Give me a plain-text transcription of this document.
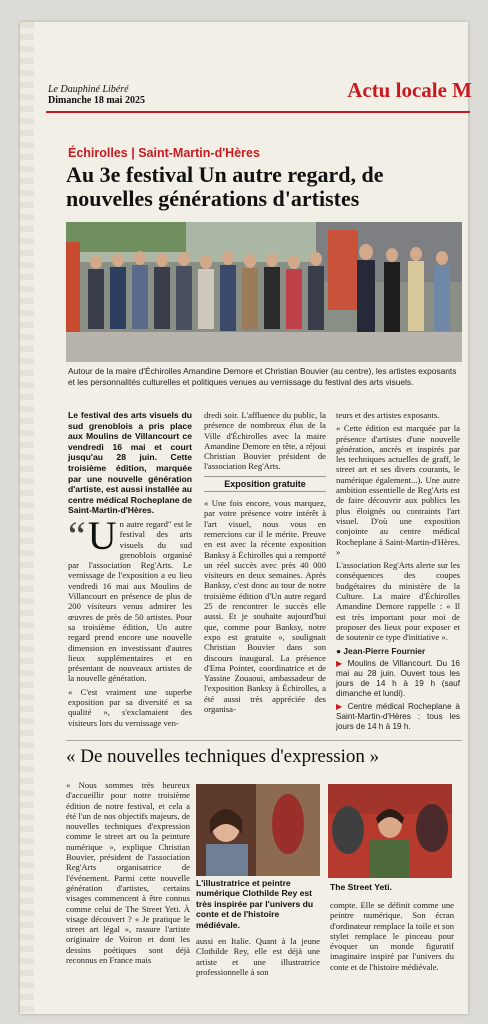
Le Dauphiné Libéré
Dimanche 18 mai 2025	Actu locale M
Échirolles | Saint-Martin-d'Hères
Au 3e festival Un autre regard, de nouvelles générations d'artistes
Autour de la maire d'Échirolles Amandine Demore et Christian Bouvier (au centre), les artistes exposants et les personnalités culturelles et politiques venues au vernissage du festival des arts visuels.

Le festival des arts visuels du sud grenoblois a pris place aux Moulins de Villancourt ce vendredi 16 mai et court jusqu'au 28 juin. Cette troisième édition, marquée par une nouvelle génération d'artiste, est aussi installée au centre médical Rocheplane de Saint-Martin-d'Hères.

“ U n autre regard" est le festival des arts visuels du sud grenoblois organisé par l'association Reg'Arts. Le vernissage de l'exposition a eu lieu vendredi 16 mai aux Moulins de Villancourt en présence de plus de 200 visiteurs venus admirer les œuvres de près de 50 artistes. Pour sa troisième édition, Un autre regard prend encore une nouvelle dimension en investissant d'autres lieux supplémentaires et en présentant de nouveaux artistes de la nouvelle génération.

« C'est vraiment une superbe exposition par sa diversité et sa qualité », s'exclamaient des visiteurs lors du vernissage ven-

dredi soir. L'affluence du public, la présence de nombreux élus de la Ville d'Échirolles avec la maire Amandine Demore en tête, a réjoui Christian Bouvier président de l'association Reg'Arts.

Exposition gratuite

« Une fois encore, vous marquez, par votre présence votre intérêt à l'art visuel, nous vous en remercions car il le mérite. Preuve en est avec la récente exposition Banksy à Échirolles qui a remporté un réel succès avec près 40 000 visiteurs en deux semaines. Après Banksy, c'est donc au tour de notre troisième édition d'Un autre regard 25 de rencontrer le succès elle aussi. Et je souhaite aujourd'hui que, comme pour Banksy, notre expo est gratuite », soulignait Christian Bouvier dans son discours inaugural. La présence d'Ema Pointet, coordinatrice et de Yassine Zouaoui, ambassadeur de l'exposition Banksy à Échirolles, a été aussi très appréciée des organisa-

teurs et des artistes exposants.

« Cette édition est marquée par la présence d'artistes d'une nouvelle génération, ancrés et inspirés par les techniques actuelles de graff, le street art et ses divers courants, le numérique également...). Une autre ambition essentielle de Reg'Arts est de faire découvrir aux publics les plus éloignés ou contraints l'art visuel. D'où une exposition conjointe au centre médical Rocheplane à Saint-Martin-d'Hères. »

L'association Reg'Arts alerte sur les conséquences des coupes budgétaires du ministère de la Culture. La maire d'Échirolles Amandine Demore rappelle : « Il est très important pour moi de proposer des lieux pour exposer et de soutenir ce type d'initiative ».

● Jean-Pierre Fournier

▶ Moulins de Villancourt. Du 16 mai au 28 juin. Ouvert tous les jours de 14 h à 19 h (sauf dimanche et lundi).

▶ Centre médical Rocheplane à Saint-Martin-d'Hères : tous les jours de 14 h à 19 h.

« De nouvelles techniques d'expression »

« Nous sommes très heureux d'accueillir pour notre troisième édition de notre festival, et cela a été l'un de nos objectifs majeurs, de nouvelles techniques d'expression comme le street art ou la peinture numérique », explique Christian Bouvier, président de l'association Reg'Arts organisatrice de l'événement. Parmi cette nouvelle génération d'artistes, certains visages commencent à être connus comme celui de The Street Yeti. À visage découvert ? « Je pratique le street art légal », rassure l'artiste originaire de Voiron et dont les dessins poétiques sont déjà reconnus en France mais

L'illustratrice et peintre numérique Clothilde Rey est très inspirée par l'univers du conte et de l'histoire médiévale.

aussi en Italie. Quant à la jeune Clothilde Rey, elle est déjà une artiste et une illustratrice professionnelle à son

The Street Yeti.

compte. Elle se définit comme une peintre numérique. Son écran d'ordinateur remplace la toile et son stylet remplace le pinceau pour évoquer un monde figuratif imaginaire inspiré par l'univers du conte et de l'histoire médiévale.
